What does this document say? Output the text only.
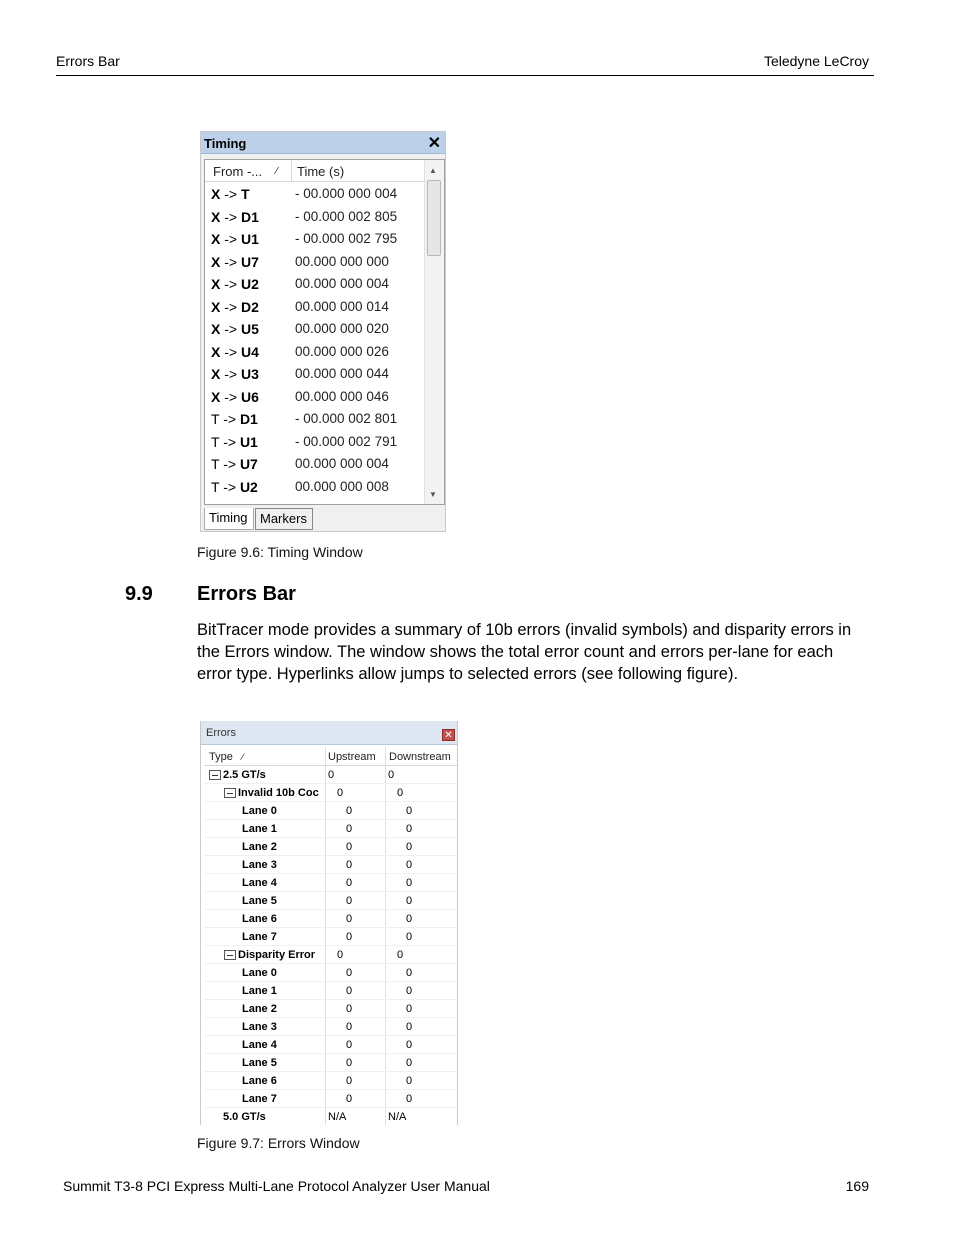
Errors Bar	Teledyne LeCroy
Timing	✕
From -... ⁄ Time (s)
X -> T	- 00.000 000 004
X -> D1	- 00.000 002 805
X -> U1	- 00.000 002 795
X -> U7	00.000 000 000
X -> U2	00.000 000 004
X -> D2	00.000 000 014
X -> U5	00.000 000 020
X -> U4	00.000 000 026
X -> U3	00.000 000 044
X -> U6	00.000 000 046
T -> D1	- 00.000 002 801
T -> U1	- 00.000 002 791
T -> U7	00.000 000 004
T -> U2	00.000 000 008
▲
▼
Timing Markers
Figure 9.6: Timing Window
9.9 Errors Bar
BitTracer mode provides a summary of 10b errors (invalid symbols) and disparity errors in
the Errors window. The window shows the total error count and errors per-lane for each
error type. Hyperlinks allow jumps to selected errors (see following figure).
Errors	✕
Type ⁄	Upstream Downstream
2.5 GT/s	0	0
Invalid 10b Coc 0	0
Lane 0	0	0
Lane 1	0	0
Lane 2	0	0
Lane 3	0	0
Lane 4	0	0
Lane 5	0	0
Lane 6	0	0
Lane 7	0	0
Disparity Error 0	0
Lane 0	0	0
Lane 1	0	0
Lane 2	0	0
Lane 3	0	0
Lane 4	0	0
Lane 5	0	0
Lane 6	0	0
Lane 7	0	0
5.0 GT/s	N/A	N/A
Figure 9.7: Errors Window
Summit T3-8 PCI Express Multi-Lane Protocol Analyzer User Manual	169
